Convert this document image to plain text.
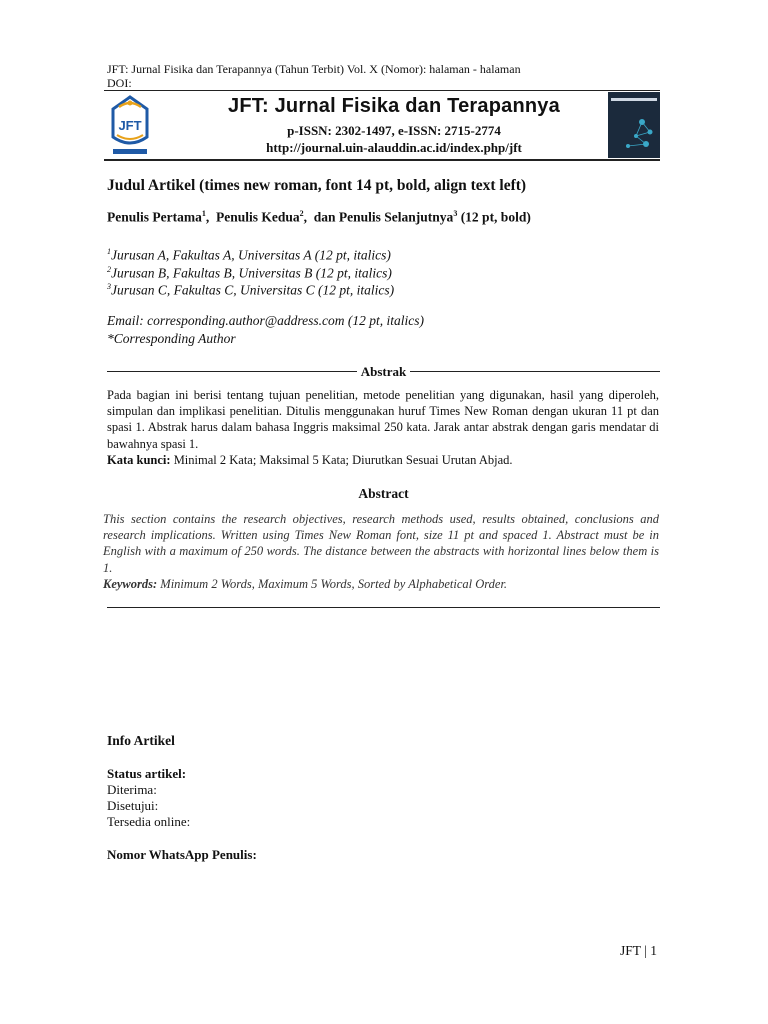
JFT: Jurnal Fisika dan Terapannya (Tahun Terbit) Vol. X (Nomor): halaman - halaman
DOI:
JFT
JFT: Jurnal Fisika dan Terapannya
p-ISSN: 2302-1497, e-ISSN: 2715-2774
http://journal.uin-alauddin.ac.id/index.php/jft
Judul Artikel (times new roman, font 14 pt, bold, align text left)
Penulis Pertama$^1$,  Penulis Kedua$^2$,  dan Penulis Selanjutnya$^3$ (12 pt, bold)
$^1$Jurusan A, Fakultas A, Universitas A (12 pt, italics)
$^2$Jurusan B, Fakultas B, Universitas B (12 pt, italics)
$^3$Jurusan C, Fakultas C, Universitas C (12 pt, italics)
Email: corresponding.author@address.com (12 pt, italics)
*Corresponding Author
Abstrak
Pada bagian ini berisi tentang tujuan penelitian, metode penelitian yang digunakan, hasil yang diperoleh, simpulan dan implikasi penelitian. Ditulis menggunakan huruf Times New Roman dengan ukuran 11 pt dan spasi 1. Abstrak harus dalam bahasa Inggris maksimal 250 kata. Jarak antar abstrak dengan garis mendatar di bawahnya spasi 1.
Kata kunci: Minimal 2 Kata; Maksimal 5 Kata; Diurutkan Sesuai Urutan Abjad.
Abstract
This section contains the research objectives, research methods used, results obtained, conclusions and research implications. Written using Times New Roman font, size 11 pt and spaced 1. Abstract must be in English with a maximum of 250 words. The distance between the abstracts with horizontal lines below them is 1.
Keywords: Minimum 2 Words, Maximum 5 Words, Sorted by Alphabetical Order.
Info Artikel
Status artikel:
Diterima:
Disetujui:
Tersedia online:
Nomor WhatsApp Penulis:
JFT | 1
